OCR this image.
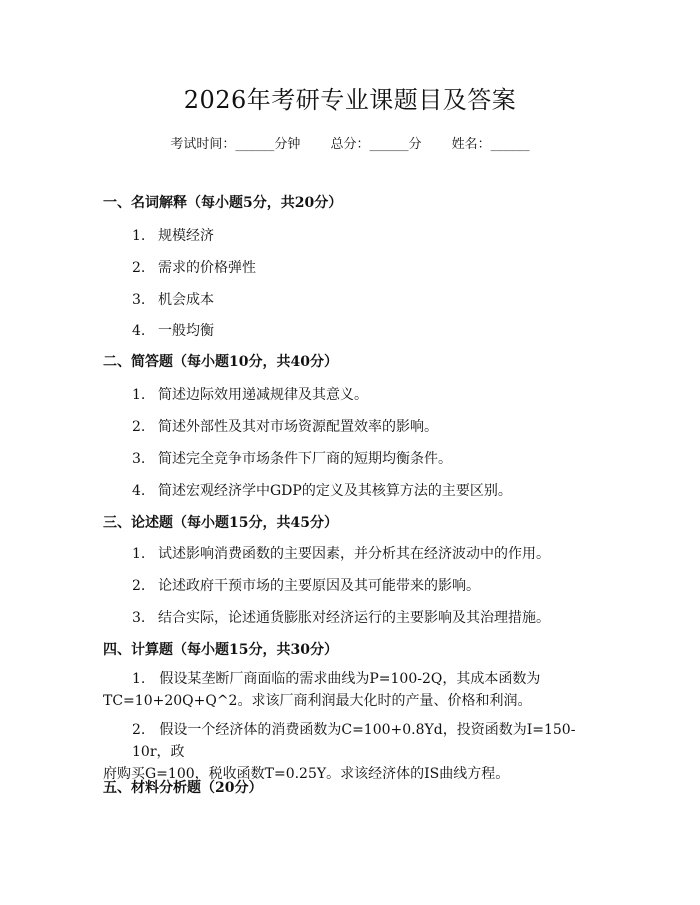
2026年考研专业课题目及答案
考试时间：______分钟 总分：______分 姓名：______
一、名词解释（每小题5分，共20分）
1. 规模经济
2. 需求的价格弹性
3. 机会成本
4. 一般均衡
二、简答题（每小题10分，共40分）
1. 简述边际效用递减规律及其意义。
2. 简述外部性及其对市场资源配置效率的影响。
3. 简述完全竞争市场条件下厂商的短期均衡条件。
4. 简述宏观经济学中GDP的定义及其核算方法的主要区别。
三、论述题（每小题15分，共45分）
1. 试述影响消费函数的主要因素，并分析其在经济波动中的作用。
2. 论述政府干预市场的主要原因及其可能带来的影响。
3. 结合实际，论述通货膨胀对经济运行的主要影响及其治理措施。
四、计算题（每小题15分，共30分）
1.　假设某垄断厂商面临的需求曲线为P=100-2Q，其成本函数为
TC=10+20Q+Q^2。求该厂商利润最大化时的产量、价格和利润。
2.　假设一个经济体的消费函数为C=100+0.8Yd，投资函数为I=150-10r，政
府购买G=100，税收函数T=0.25Y。求该经济体的IS曲线方程。
五、材料分析题（20分）
